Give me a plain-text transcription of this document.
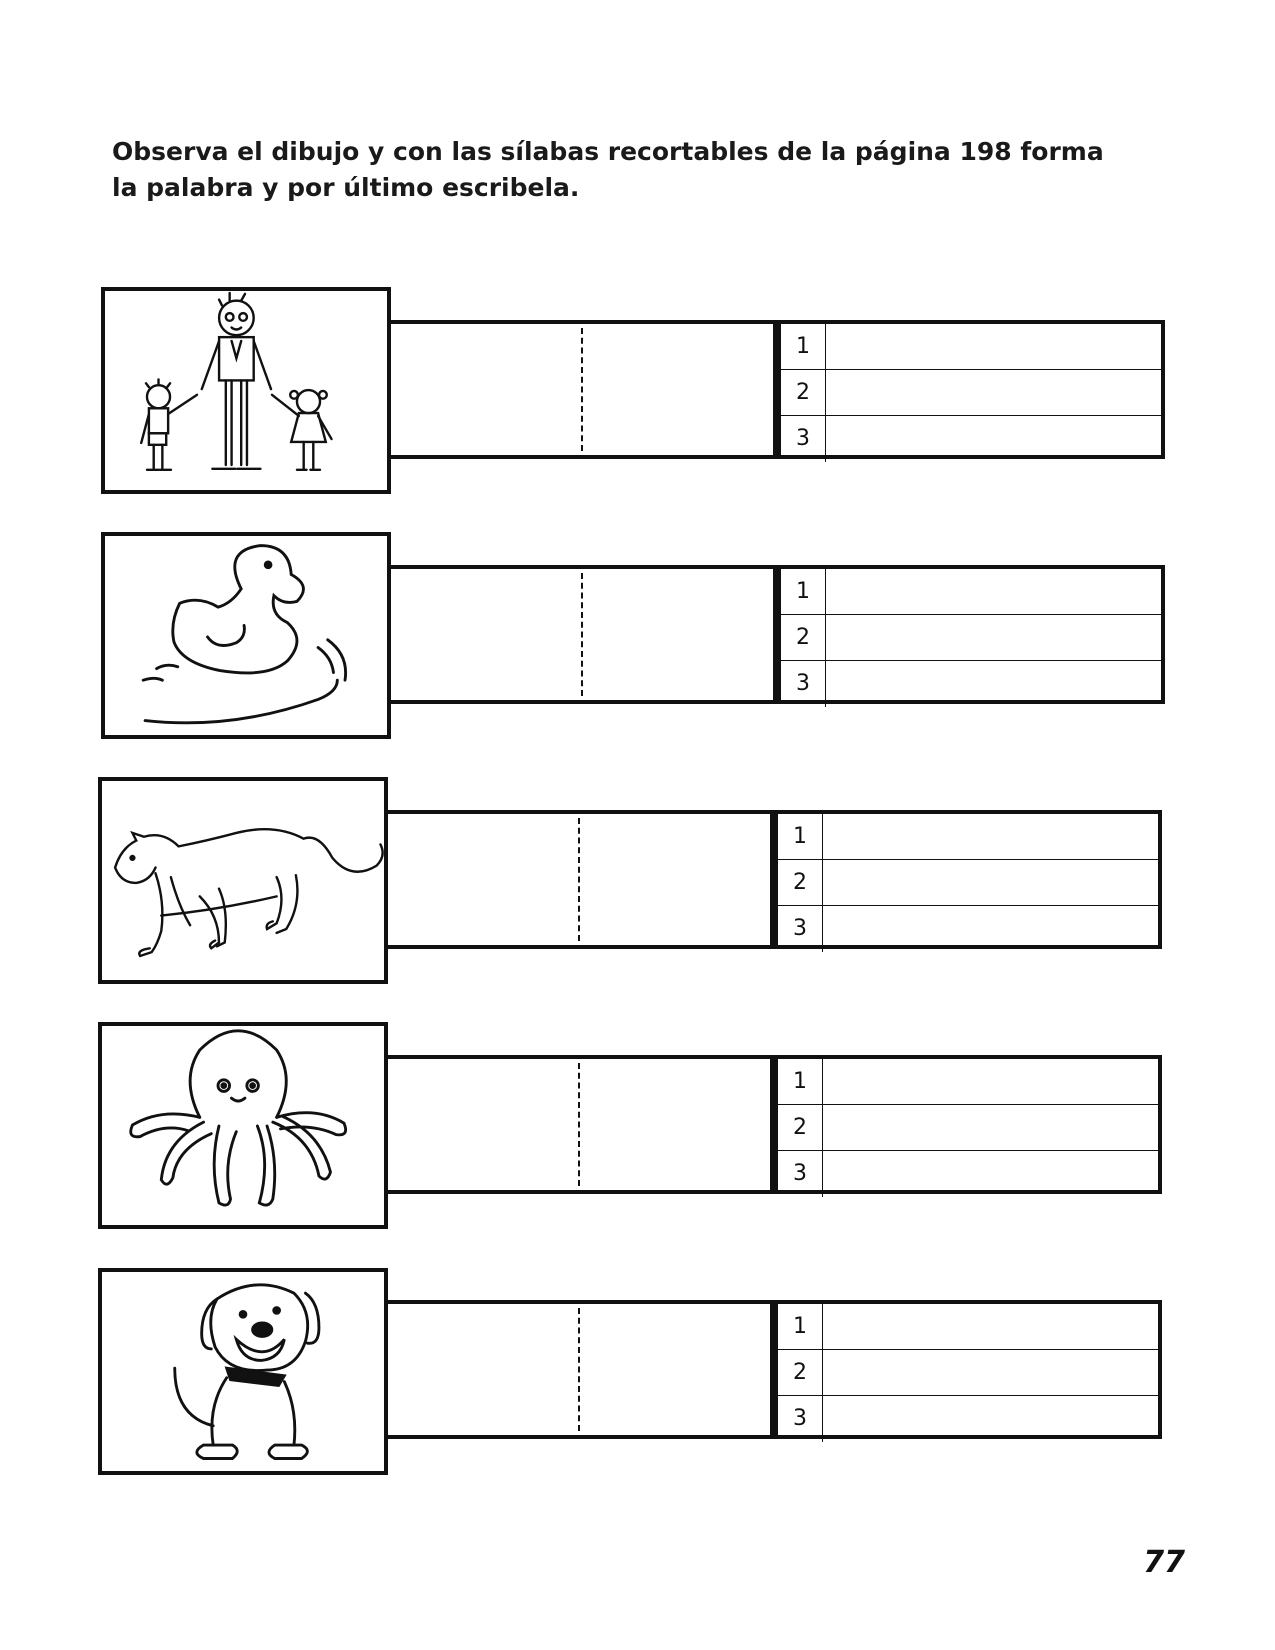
Observa el dibujo y con las sílabas recortables de la página 198 forma la palabra y por último escribela.
1
2
3
1
2
3
1
2
3
1
2
3
1
2
3
77
